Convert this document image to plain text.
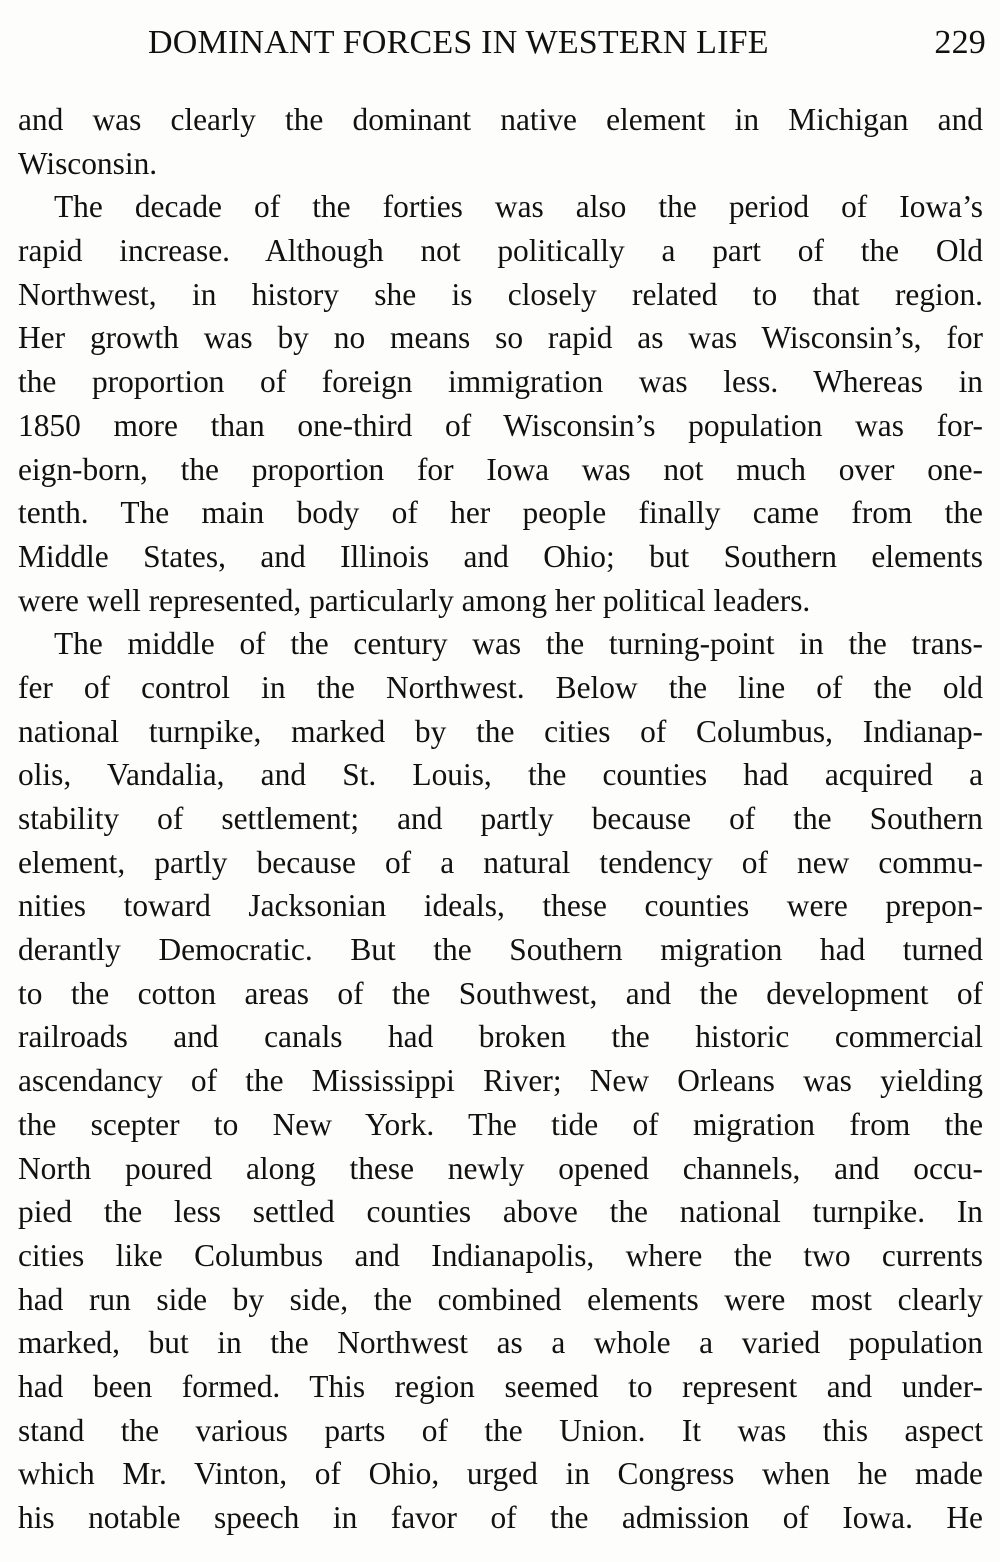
DOMINANT FORCES IN WESTERN LIFE	229
and was clearly the dominant native element in Michigan and
Wisconsin.
The decade of the forties was also the period of Iowa’s
rapid increase. Although not politically a part of the Old
Northwest, in history she is closely related to that region.
Her growth was by no means so rapid as was Wisconsin’s, for
the proportion of foreign immigration was less. Whereas in
1850 more than one-third of Wisconsin’s population was for-
eign-born, the proportion for Iowa was not much over one-
tenth. The main body of her people finally came from the
Middle States, and Illinois and Ohio; but Southern elements
were well represented, particularly among her political leaders.
The middle of the century was the turning-point in the trans-
fer of control in the Northwest. Below the line of the old
national turnpike, marked by the cities of Columbus, Indianap-
olis, Vandalia, and St. Louis, the counties had acquired a
stability of settlement; and partly because of the Southern
element, partly because of a natural tendency of new commu-
nities toward Jacksonian ideals, these counties were prepon-
derantly Democratic. But the Southern migration had turned
to the cotton areas of the Southwest, and the development of
railroads and canals had broken the historic commercial
ascendancy of the Mississippi River; New Orleans was yielding
the scepter to New York. The tide of migration from the
North poured along these newly opened channels, and occu-
pied the less settled counties above the national turnpike. In
cities like Columbus and Indianapolis, where the two currents
had run side by side, the combined elements were most clearly
marked, but in the Northwest as a whole a varied population
had been formed. This region seemed to represent and under-
stand the various parts of the Union. It was this aspect
which Mr. Vinton, of Ohio, urged in Congress when he made
his notable speech in favor of the admission of Iowa. He
